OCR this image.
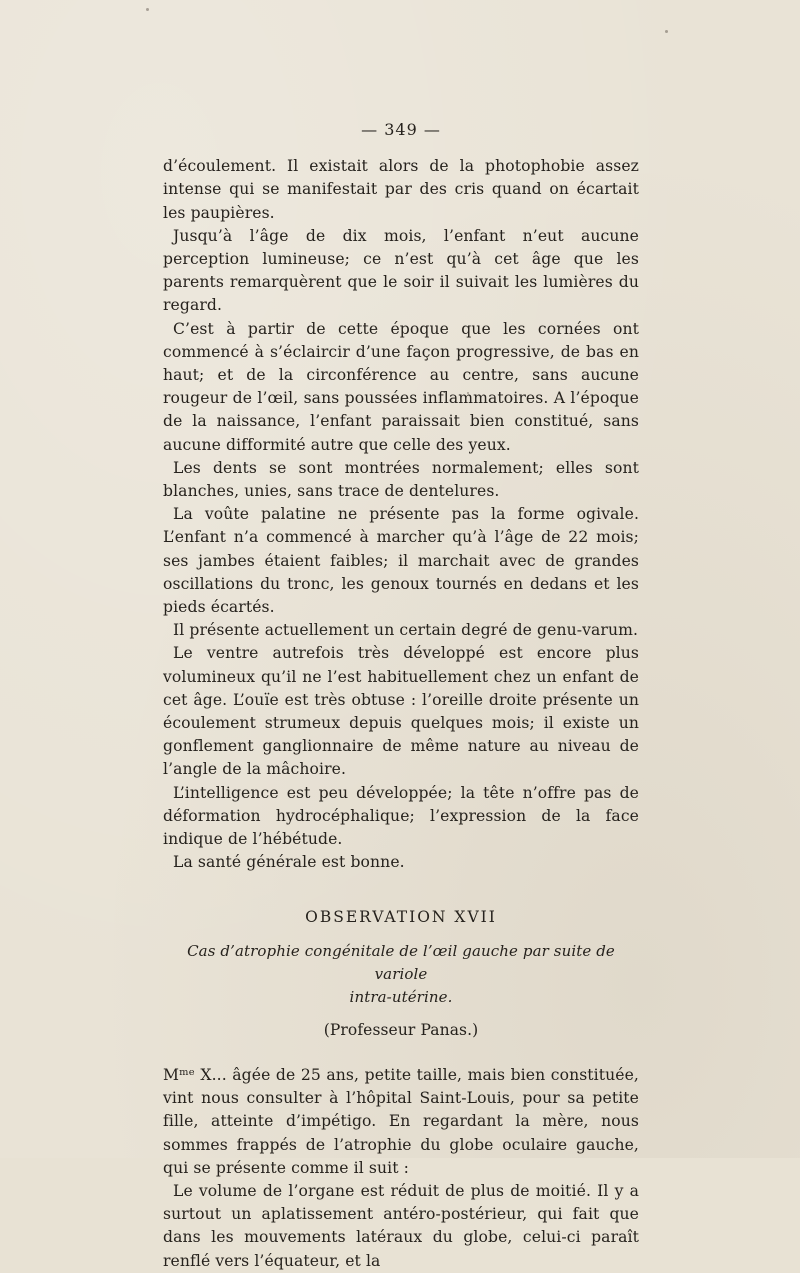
— 349 —

d’écoulement. Il existait alors de la photophobie assez intense qui se manifestait par des cris quand on écartait les paupières.

Jusqu’à l’âge de dix mois, l’enfant n’eut aucune perception lumineuse; ce n’est qu’à cet âge que les parents remarquèrent que le soir il suivait les lumières du regard.

C’est à partir de cette époque que les cornées ont commencé à s’éclaircir d’une façon progressive, de bas en haut; et de la circonférence au centre, sans aucune rougeur de l’œil, sans poussées inflammatoires. A l’époque de la naissance, l’enfant paraissait bien constitué, sans aucune difformité autre que celle des yeux.

Les dents se sont montrées normalement; elles sont blanches, unies, sans trace de dentelures.

La voûte palatine ne présente pas la forme ogivale. L’enfant n’a commencé à marcher qu’à l’âge de 22 mois; ses jambes étaient faibles; il marchait avec de grandes oscillations du tronc, les genoux tournés en dedans et les pieds écartés.

Il présente actuellement un certain degré de genu-varum.

Le ventre autrefois très développé est encore plus volumineux qu’il ne l’est habituellement chez un enfant de cet âge. L’ouïe est très obtuse : l’oreille droite présente un écoulement strumeux depuis quelques mois; il existe un gonflement ganglionnaire de même nature au niveau de l’angle de la mâchoire.

L’intelligence est peu développée; la tête n’offre pas de déformation hydrocéphalique; l’expression de la face indique de l’hébétude.

La santé générale est bonne.

OBSERVATION XVII
Cas d’atrophie congénitale de l’œil gauche par suite de variole
intra-utérine.
(Professeur Panas.)

Mᵐᵉ X... âgée de 25 ans, petite taille, mais bien constituée, vint nous consulter à l’hôpital Saint-Louis, pour sa petite fille, atteinte d’impétigo. En regardant la mère, nous sommes frappés de l’atrophie du globe oculaire gauche, qui se présente comme il suit :

Le volume de l’organe est réduit de plus de moitié. Il y a surtout un aplatissement antéro-postérieur, qui fait que dans les mouvements latéraux du globe, celui-ci paraît renflé vers l’équateur, et la
